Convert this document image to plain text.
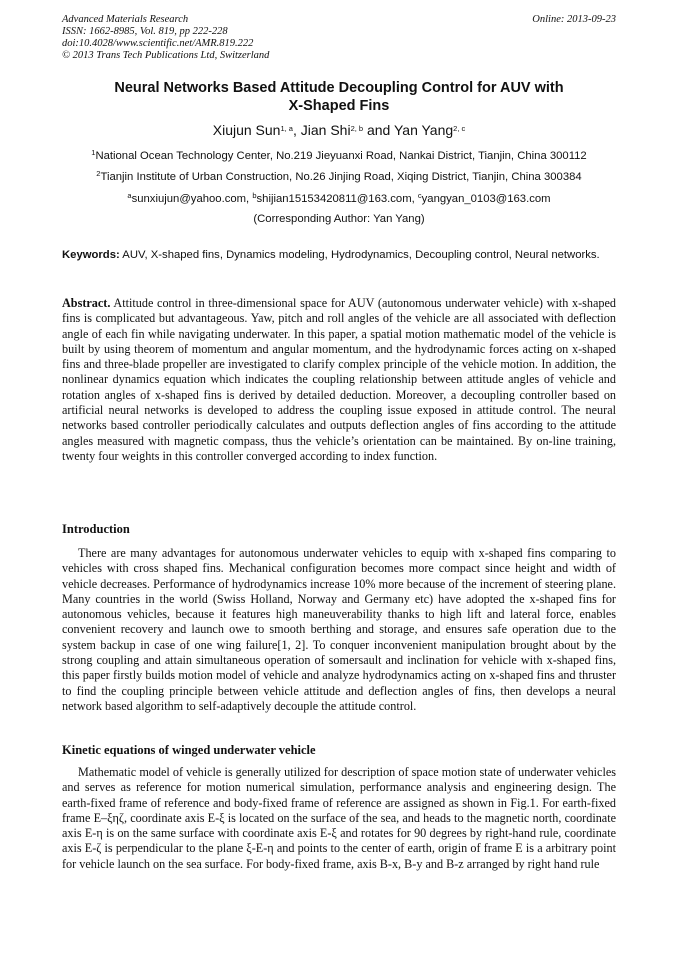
Advanced Materials Research
ISSN: 1662-8985, Vol. 819, pp 222-228
doi:10.4028/www.scientific.net/AMR.819.222
© 2013 Trans Tech Publications Ltd, Switzerland
Online: 2013-09-23
Neural Networks Based Attitude Decoupling Control for AUV with
X-Shaped Fins
Xiujun Sun$^{1, a}$, Jian Shi$^{2, b}$ and Yan Yang$^{2, c}$
$^1$National Ocean Technology Center, No.219 Jieyuanxi Road, Nankai District, Tianjin, China 300112
$^2$Tianjin Institute of Urban Construction, No.26 Jinjing Road, Xiqing District, Tianjin, China 300384
$^a$sunxiujun@yahoo.com, $^b$shijian15153420811@163.com, $^c$yangyan_0103@163.com
(Corresponding Author: Yan Yang)
Keywords: AUV, X-shaped fins, Dynamics modeling, Hydrodynamics, Decoupling control, Neural networks.
Abstract. Attitude control in three-dimensional space for AUV (autonomous underwater vehicle) with x-shaped fins is complicated but advantageous. Yaw, pitch and roll angles of the vehicle are all associated with deflection angle of each fin while navigating underwater. In this paper, a spatial motion mathematic model of the vehicle is built by using theorem of momentum and angular momentum, and the hydrodynamic forces acting on x-shaped fins and three-blade propeller are investigated to clarify complex principle of the vehicle motion. In addition, the nonlinear dynamics equation which indicates the coupling relationship between attitude angles of vehicle and rotation angles of x-shaped fins is derived by detailed deduction. Moreover, a decoupling controller based on artificial neural networks is developed to address the coupling issue exposed in attitude control. The neural networks based controller periodically calculates and outputs deflection angles of fins according to the attitude angles measured with magnetic compass, thus the vehicle’s orientation can be maintained. By on-line training, twenty four weights in this controller converged according to index function.
Introduction
There are many advantages for autonomous underwater vehicles to equip with x-shaped fins comparing to vehicles with cross shaped fins. Mechanical configuration becomes more compact since height and width of vehicle decreases. Performance of hydrodynamics increase 10% more because of the increment of steering plane. Many countries in the world (Swiss Holland, Norway and Germany etc) have adopted the x-shaped fins for autonomous vehicles, because it features high maneuverability thanks to high lift and lateral force, enables convenient recovery and launch owe to smooth berthing and storage, and ensures safe operation due to the system backup in case of one wing failure[1, 2]. To conquer inconvenient manipulation brought about by the strong coupling and attain simultaneous operation of somersault and inclination for vehicle with x-shaped fins, this paper firstly builds motion model of vehicle and analyze hydrodynamics acting on x-shaped fins and thruster to find the coupling principle between vehicle attitude and deflection angles of fins, then develops a neural network based algorithm to self-adaptively decouple the attitude control.
Kinetic equations of winged underwater vehicle
Mathematic model of vehicle is generally utilized for description of space motion state of underwater vehicles and serves as reference for motion numerical simulation, performance analysis and engineering design. The earth-fixed frame of reference and body-fixed frame of reference are assigned as shown in Fig.1. For earth-fixed frame E–ξηζ, coordinate axis E-ξ is located on the surface of the sea, and heads to the magnetic north, coordinate axis E-η is on the same surface with coordinate axis E-ξ and rotates for 90 degrees by right-hand rule, coordinate axis E-ζ is perpendicular to the plane ξ-E-η and points to the center of earth, origin of frame E is a arbitrary point for vehicle launch on the sea surface. For body-fixed frame, axis B-x, B-y and B-z arranged by right hand rule
